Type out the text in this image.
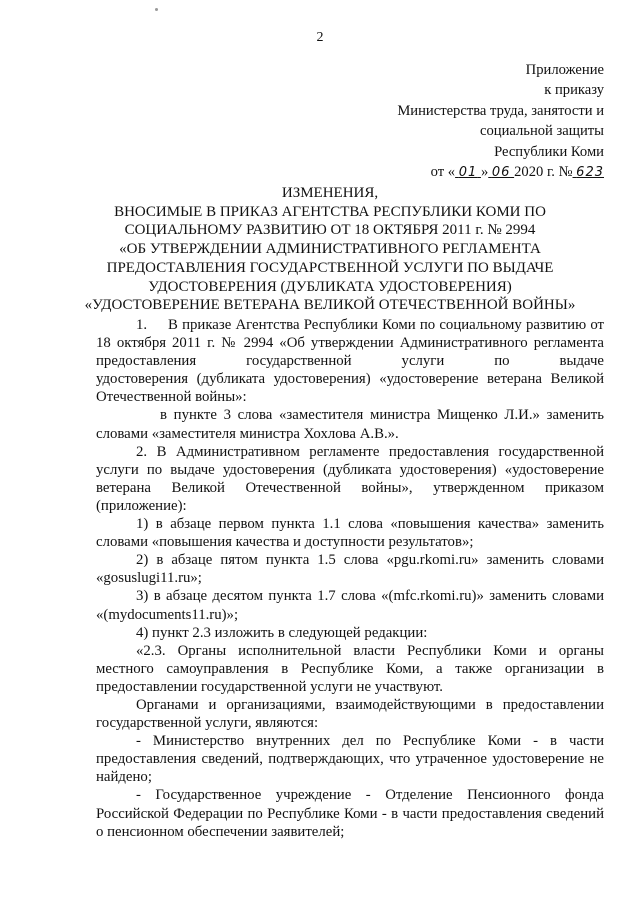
2
Приложение
к приказу
Министерства труда, занятости и
социальной защиты
Республики Коми
от « 01 » 06 2020 г. № 623
ИЗМЕНЕНИЯ,
ВНОСИМЫЕ В ПРИКАЗ АГЕНТСТВА РЕСПУБЛИКИ КОМИ ПО
СОЦИАЛЬНОМУ РАЗВИТИЮ ОТ 18 ОКТЯБРЯ 2011 г. № 2994
«ОБ УТВЕРЖДЕНИИ АДМИНИСТРАТИВНОГО РЕГЛАМЕНТА
ПРЕДОСТАВЛЕНИЯ ГОСУДАРСТВЕННОЙ УСЛУГИ ПО ВЫДАЧЕ
УДОСТОВЕРЕНИЯ (ДУБЛИКАТА УДОСТОВЕРЕНИЯ)
«УДОСТОВЕРЕНИЕ ВЕТЕРАНА ВЕЛИКОЙ ОТЕЧЕСТВЕННОЙ ВОЙНЫ»

1.     В приказе Агентства Республики Коми по социальному развитию от 18 октября 2011 г. № 2994 «Об утверждении Административного регламента предоставления государственной услуги по выдаче

удостоверения (дубликата удостоверения) «удостоверение ветерана Великой Отечественной войны»:

в пункте 3 слова «заместителя министра Мищенко Л.И.» заменить словами «заместителя министра Хохлова А.В.».

2. В Административном регламенте предоставления государственной услуги по выдаче удостоверения (дубликата удостоверения) «удостоверение ветерана Великой Отечественной войны», утвержденном приказом (приложение):

1) в абзаце первом пункта 1.1 слова «повышения качества» заменить словами «повышения качества и доступности результатов»;

2) в абзаце пятом пункта 1.5 слова «pgu.rkomi.ru» заменить словами «gosuslugi11.ru»;

3) в абзаце десятом пункта 1.7 слова «(mfc.rkomi.ru)» заменить словами «(mydocuments11.ru)»;

4) пункт 2.3 изложить в следующей редакции:

«2.3. Органы исполнительной власти Республики Коми и органы местного самоуправления в Республике Коми, а также организации в предоставлении государственной услуги не участвуют.

Органами и организациями, взаимодействующими в предоставлении государственной услуги, являются:

- Министерство внутренних дел по Республике Коми - в части предоставления сведений, подтверждающих, что утраченное удостоверение не найдено;

- Государственное учреждение - Отделение Пенсионного фонда Российской Федерации по Республике Коми - в части предоставления сведений о пенсионном обеспечении заявителей;
